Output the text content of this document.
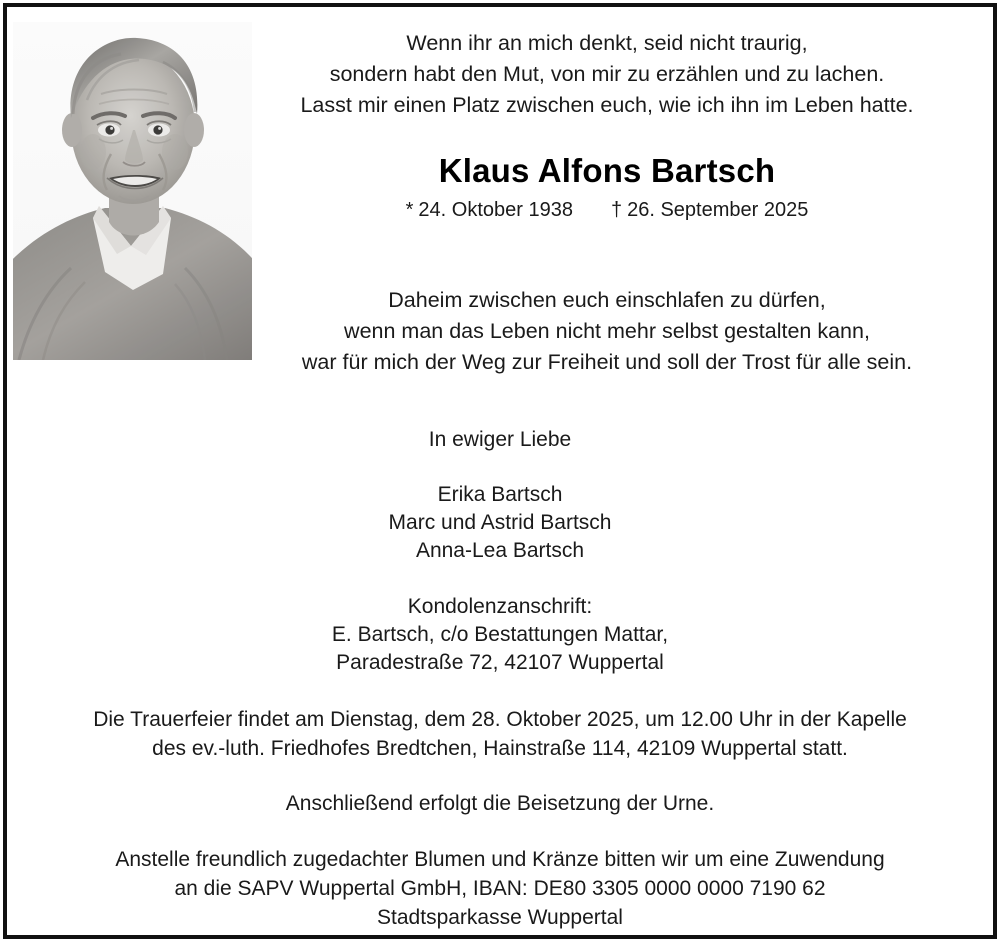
Wenn ihr an mich denkt, seid nicht traurig,
sondern habt den Mut, von mir zu erzählen und zu lachen.
Lasst mir einen Platz zwischen euch, wie ich ihn im Leben hatte.
Klaus Alfons Bartsch
* 24. Oktober 1938 † 26. September 2025
Daheim zwischen euch einschlafen zu dürfen,
wenn man das Leben nicht mehr selbst gestalten kann,
war für mich der Weg zur Freiheit und soll der Trost für alle sein.
In ewiger Liebe
Erika Bartsch
Marc und Astrid Bartsch
Anna-Lea Bartsch
Kondolenzanschrift:
E. Bartsch, c/o Bestattungen Mattar,
Paradestraße 72, 42107 Wuppertal
Die Trauerfeier findet am Dienstag, dem 28. Oktober 2025, um 12.00 Uhr in der Kapelle
des ev.-luth. Friedhofes Bredtchen, Hainstraße 114, 42109 Wuppertal statt.
Anschließend erfolgt die Beisetzung der Urne.
Anstelle freundlich zugedachter Blumen und Kränze bitten wir um eine Zuwendung
an die SAPV Wuppertal GmbH, IBAN: DE80 3305 0000 0000 7190 62
Stadtsparkasse Wuppertal
